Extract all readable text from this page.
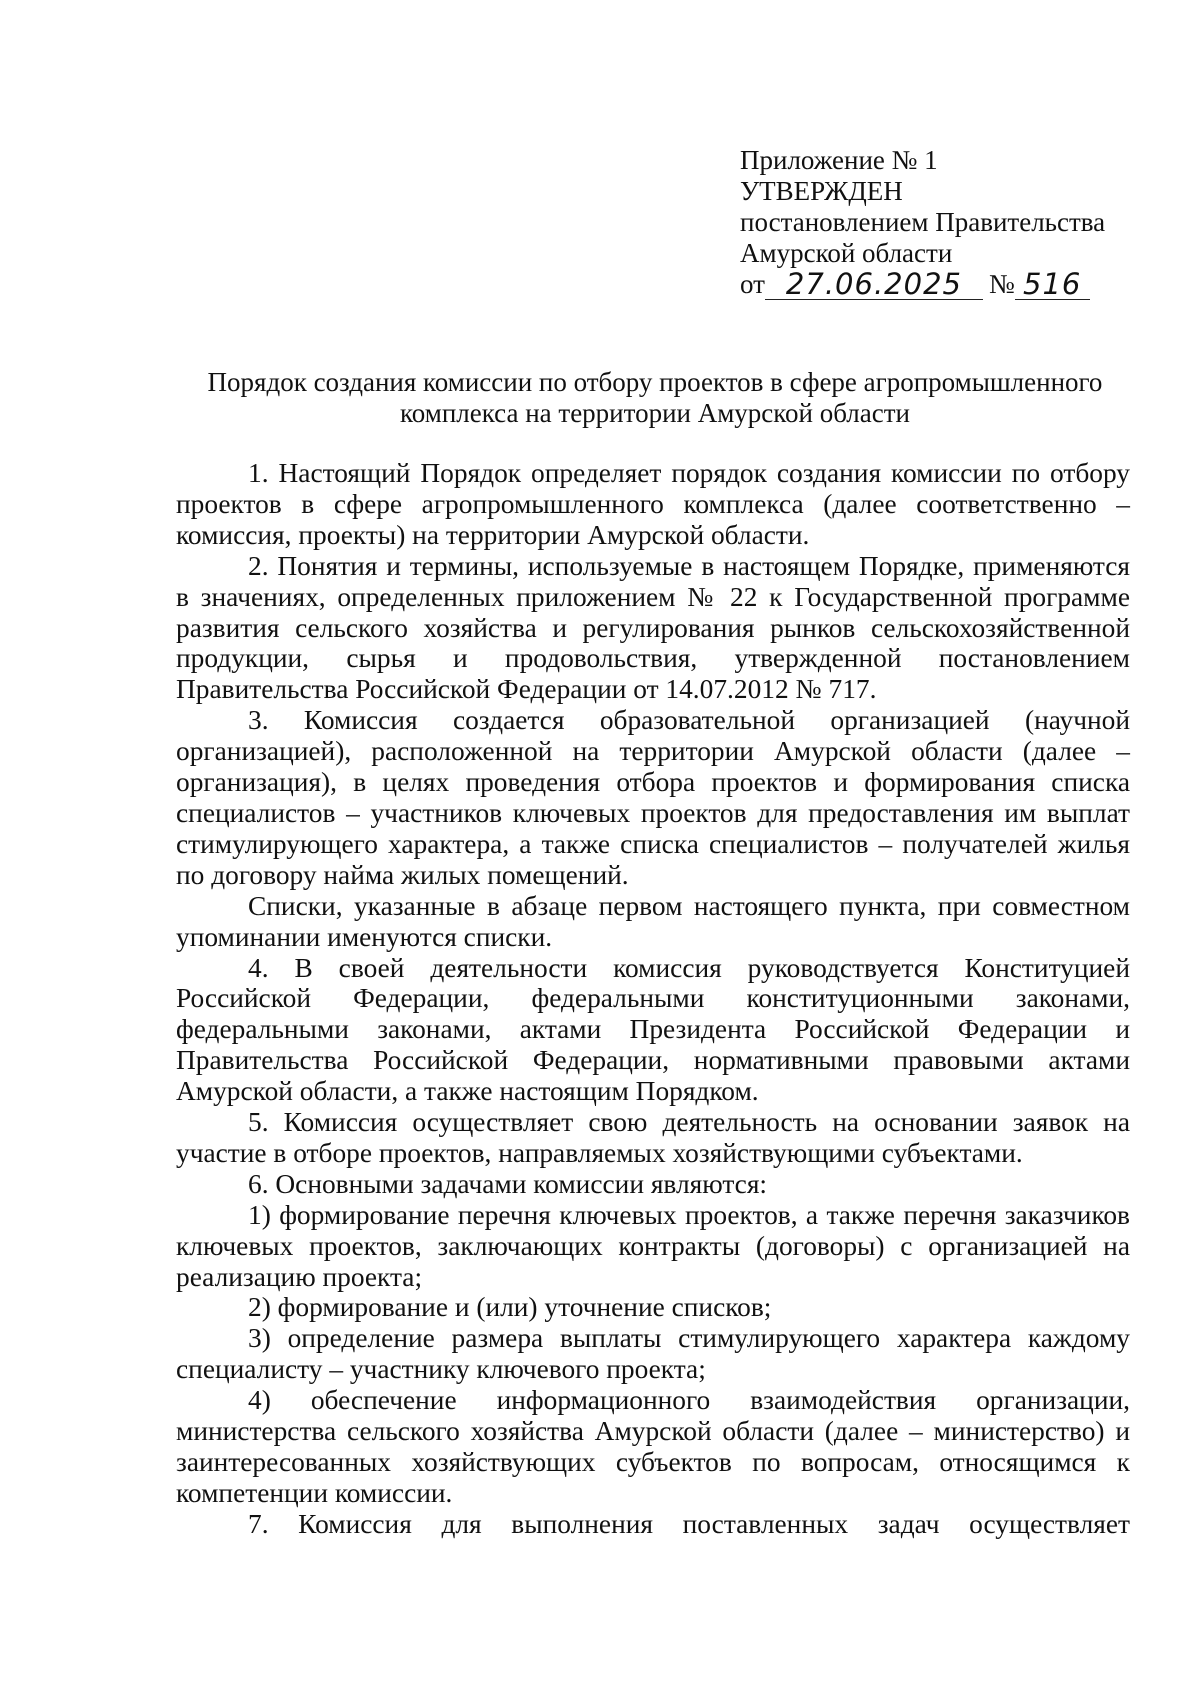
Приложение № 1
УТВЕРЖДЕН
постановлением Правительства
Амурской области
от 27.06.2025 № 516
Порядок создания комиссии по отбору проектов в сфере агропромышленного
комплекса на территории Амурской области

1. Настоящий Порядок определяет порядок создания комиссии по отбору проектов в сфере агропромышленного комплекса (далее соответственно – комиссия, проекты) на территории Амурской области.

2. Понятия и термины, используемые в настоящем Порядке, применяются в значениях, определенных приложением № 22 к Государственной программе развития сельского хозяйства и регулирования рынков сельскохозяйственной продукции, сырья и продовольствия, утвержденной постановлением Правительства Российской Федерации от 14.07.2012 № 717.

3. Комиссия создается образовательной организацией (научной организацией), расположенной на территории Амурской области (далее – организация), в целях проведения отбора проектов и формирования списка специалистов – участников ключевых проектов для предоставления им выплат стимулирующего характера, а также списка специалистов – получателей жилья по договору найма жилых помещений.

Списки, указанные в абзаце первом настоящего пункта, при совместном упоминании именуются списки.

4. В своей деятельности комиссия руководствуется Конституцией Российской Федерации, федеральными конституционными законами, федеральными законами, актами Президента Российской Федерации и Правительства Российской Федерации, нормативными правовыми актами Амурской области, а также настоящим Порядком.

5. Комиссия осуществляет свою деятельность на основании заявок на участие в отборе проектов, направляемых хозяйствующими субъектами.

6. Основными задачами комиссии являются:

1) формирование перечня ключевых проектов, а также перечня заказчиков ключевых проектов, заключающих контракты (договоры) с организацией на реализацию проекта;

2) формирование и (или) уточнение списков;

3) определение размера выплаты стимулирующего характера каждому специалисту – участнику ключевого проекта;

4) обеспечение информационного взаимодействия организации, министерства сельского хозяйства Амурской области (далее – министерство) и заинтересованных хозяйствующих субъектов по вопросам, относящимся к компетенции комиссии.

7. Комиссия для выполнения поставленных задач осуществляет
